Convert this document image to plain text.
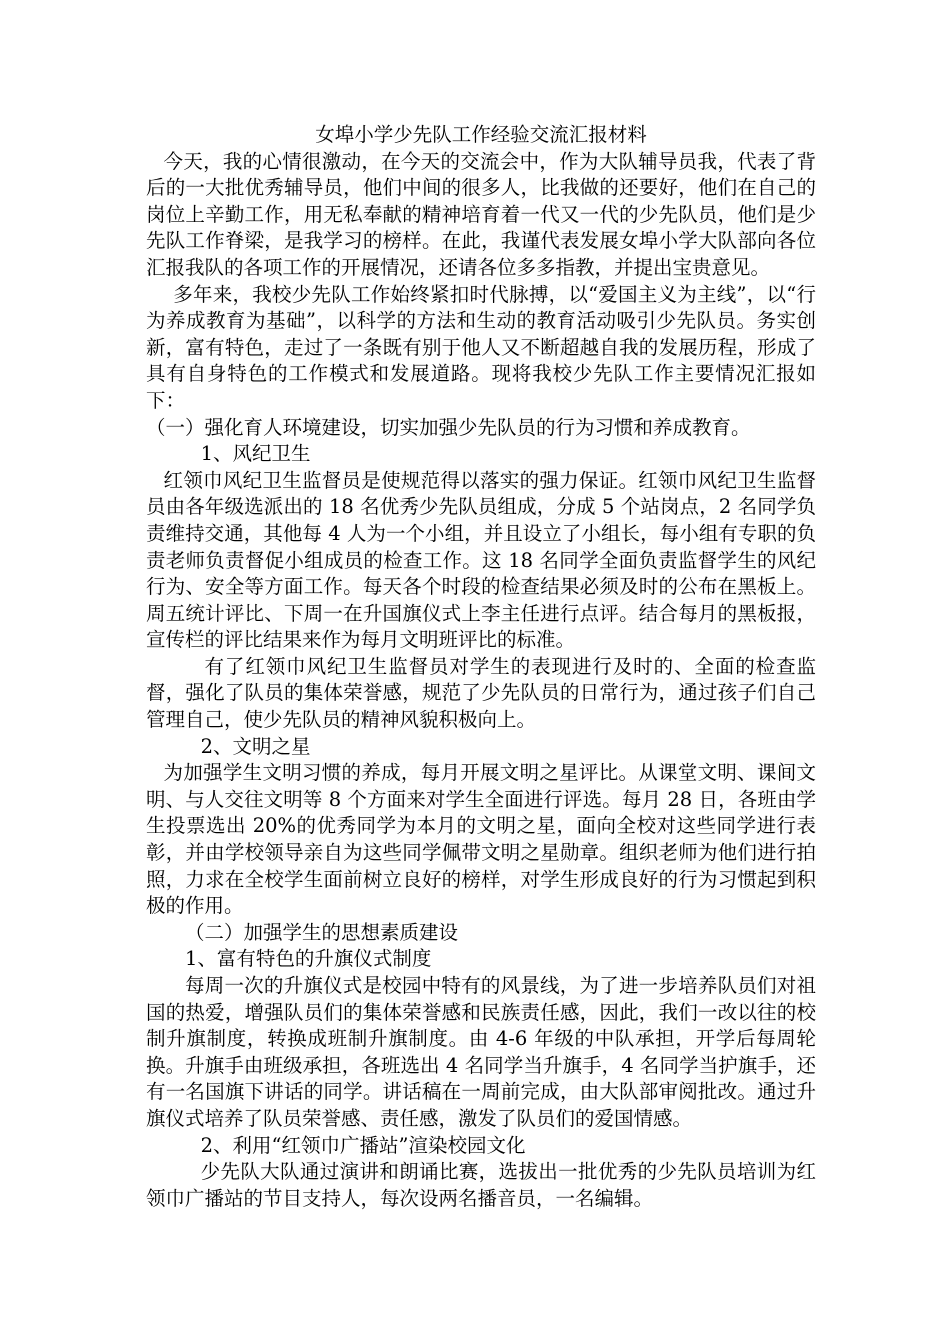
女埠小学少先队工作经验交流汇报材料

今天，我的心情很激动，在今天的交流会中，作为大队辅导员我，代表了背后的一大批优秀辅导员，他们中间的很多人，比我做的还要好，他们在自己的岗位上辛勤工作，用无私奉献的精神培育着一代又一代的少先队员，他们是少先队工作脊梁，是我学习的榜样。在此，我谨代表发展女埠小学大队部向各位汇报我队的各项工作的开展情况，还请各位多多指教，并提出宝贵意见。

多年来，我校少先队工作始终紧扣时代脉搏，以“爱国主义为主线”，以“行为养成教育为基础”，以科学的方法和生动的教育活动吸引少先队员。务实创新，富有特色，走过了一条既有别于他人又不断超越自我的发展历程，形成了具有自身特色的工作模式和发展道路。现将我校少先队工作主要情况汇报如下：

（一）强化育人环境建设，切实加强少先队员的行为习惯和养成教育。

1、风纪卫生

红领巾风纪卫生监督员是使规范得以落实的强力保证。红领巾风纪卫生监督员由各年级选派出的 18 名优秀少先队员组成，分成 5 个站岗点，2 名同学负责维持交通，其他每 4 人为一个小组，并且设立了小组长，每小组有专职的负责老师负责督促小组成员的检查工作。这 18 名同学全面负责监督学生的风纪行为、安全等方面工作。每天各个时段的检查结果必须及时的公布在黑板上。周五统计评比、下周一在升国旗仪式上李主任进行点评。结合每月的黑板报，宣传栏的评比结果来作为每月文明班评比的标准。

有了红领巾风纪卫生监督员对学生的表现进行及时的、全面的检查监督，强化了队员的集体荣誉感，规范了少先队员的日常行为，通过孩子们自己管理自己，使少先队员的精神风貌积极向上。

2、文明之星

为加强学生文明习惯的养成，每月开展文明之星评比。从课堂文明、课间文明、与人交往文明等 8 个方面来对学生全面进行评选。每月 28 日，各班由学生投票选出 20%的优秀同学为本月的文明之星，面向全校对这些同学进行表彰，并由学校领导亲自为这些同学佩带文明之星勋章。组织老师为他们进行拍照，力求在全校学生面前树立良好的榜样，对学生形成良好的行为习惯起到积极的作用。

（二）加强学生的思想素质建设

1、富有特色的升旗仪式制度

每周一次的升旗仪式是校园中特有的风景线，为了进一步培养队员们对祖国的热爱，增强队员们的集体荣誉感和民族责任感，因此，我们一改以往的校制升旗制度，转换成班制升旗制度。由 4-6 年级的中队承担，开学后每周轮换。升旗手由班级承担，各班选出 4 名同学当升旗手，4 名同学当护旗手，还有一名国旗下讲话的同学。讲话稿在一周前完成，由大队部审阅批改。通过升旗仪式培养了队员荣誉感、责任感，激发了队员们的爱国情感。

2、利用“红领巾广播站”渲染校园文化

少先队大队通过演讲和朗诵比赛，选拔出一批优秀的少先队员培训为红领巾广播站的节目支持人，每次设两名播音员，一名编辑。
